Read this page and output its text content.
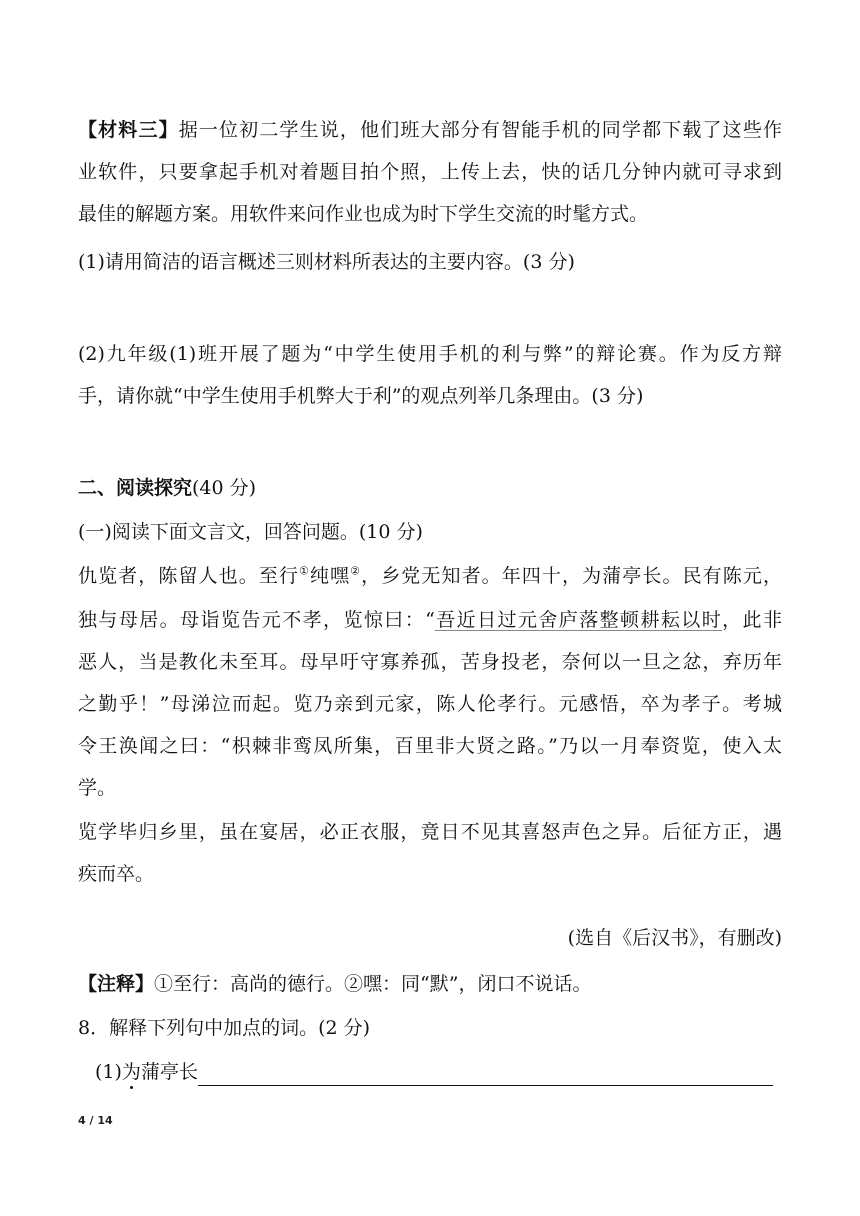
【材料三】据一位初二学生说，他们班大部分有智能手机的同学都下载了这些作
业软件，只要拿起手机对着题目拍个照，上传上去，快的话几分钟内就可寻求到
最佳的解题方案。用软件来问作业也成为时下学生交流的时髦方式。
(1)请用简洁的语言概述三则材料所表达的主要内容。(3 分)
(2)九年级(1)班开展了题为“中学生使用手机的利与弊”的辩论赛。作为反方辩
手，请你就“中学生使用手机弊大于利”的观点列举几条理由。(3 分)
二、阅读探究(40 分)
(一)阅读下面文言文，回答问题。(10 分)
仇览者，陈留人也。至行①纯嘿②，乡党无知者。年四十，为蒲亭长。民有陈元，
独与母居。母诣览告元不孝，览惊曰：“吾近日过元舍庐落整顿耕耘以时，此非
恶人，当是教化未至耳。母早吁守寡养孤，苦身投老，奈何以一旦之忿，弃历年
之勤乎！”母涕泣而起。览乃亲到元家，陈人伦孝行。元感悟，卒为孝子。考城
令王涣闻之曰：“枳棘非鸾凤所集，百里非大贤之路。”乃以一月奉资览，使入太
学。
览学毕归乡里，虽在宴居，必正衣服，竟日不见其喜怒声色之异。后征方正，遇
疾而卒。
(选自《后汉书》，有删改)
【注释】①至行：高尚的德行。②嘿：同“默”，闭口不说话。
8．解释下列句中加点的词。(2 分)
(1)为蒲亭长
4 / 14
